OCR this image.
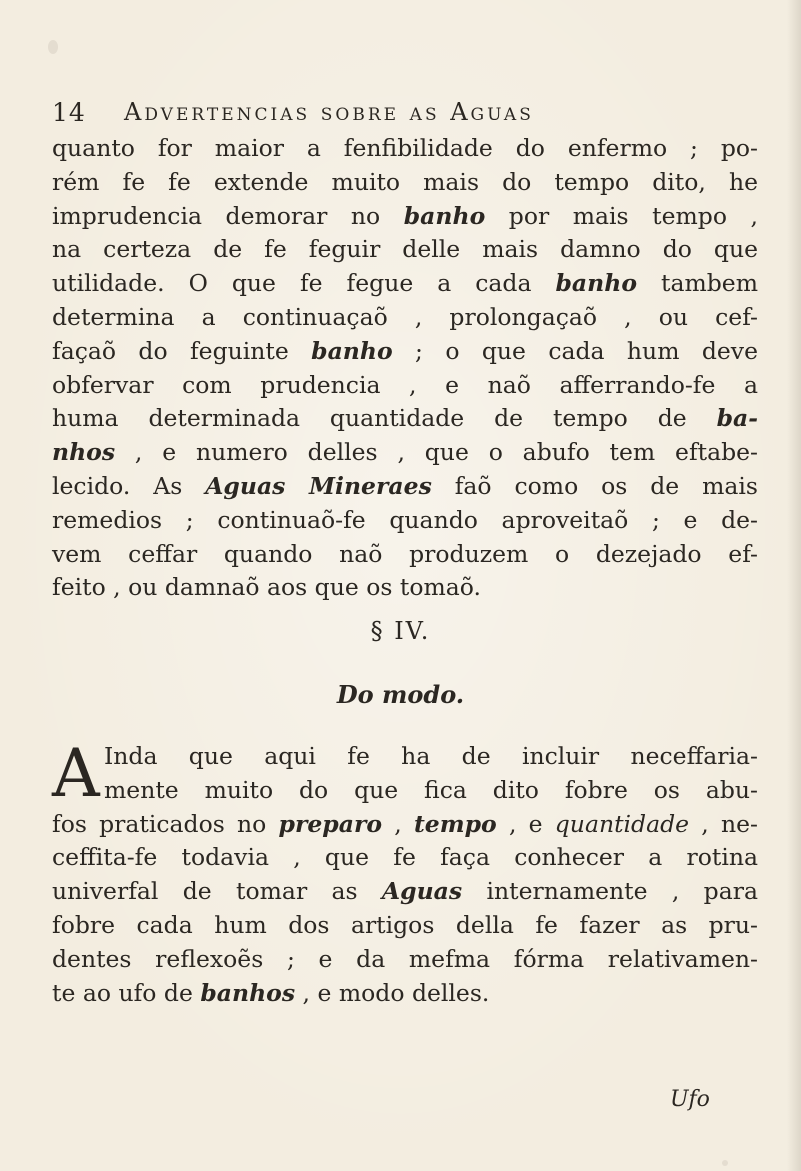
14 Advertencias sobre as Aguas
quanto for maior a fenfibilidade do enfermo ; po-
rém fe fe extende muito mais do tempo dito, he
imprudencia demorar no banho por mais tempo ,
na certeza de fe feguir delle mais damno do que
utilidade. O que fe fegue a cada banho tambem
determina a continuaçaõ , prolongaçaõ , ou cef-
façaõ do feguinte banho ; o que cada hum deve
obfervar com prudencia , e naõ afferrando-fe a
huma determinada quantidade de tempo de ba-
nhos , e numero delles , que o abufo tem eftabe-
lecido. As Aguas Mineraes faõ como os de mais
remedios ; continuaõ-fe quando aproveitaõ ; e de-
vem ceffar quando naõ produzem o dezejado ef-
feito , ou damnaõ aos que os tomaõ.
§ IV.
Do modo.
A Inda que aqui fe ha de incluir neceffaria-
mente muito do que fica dito fobre os abu-
fos praticados no preparo , tempo , e quantidade , ne-
ceffita-fe todavia , que fe faça conhecer a rotina
univerfal de tomar as Aguas internamente , para
fobre cada hum dos artigos della fe fazer as pru-
dentes reflexoẽs ; e da mefma fórma relativamen-
te ao ufo de banhos , e modo delles.
Ufo
